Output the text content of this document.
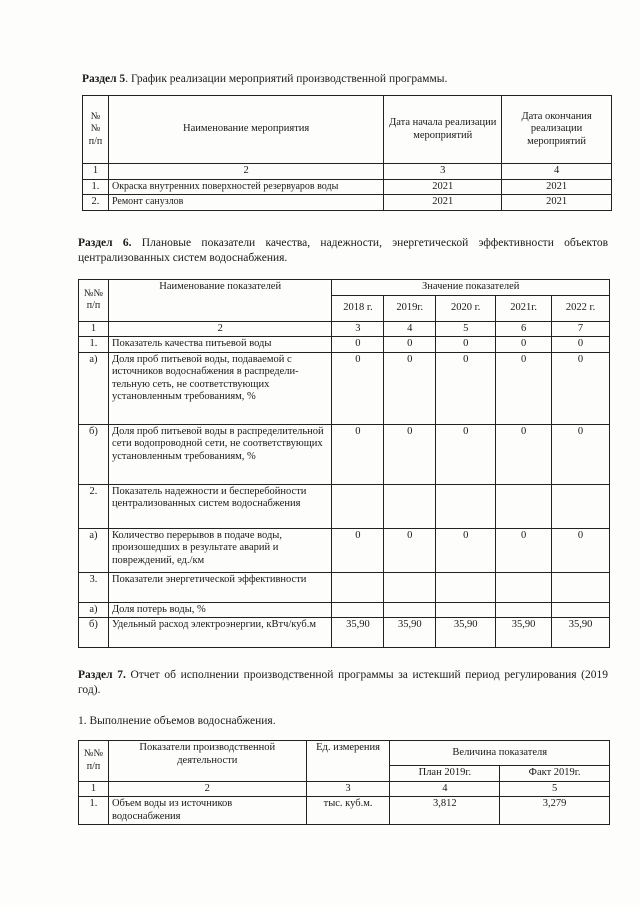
Раздел 5. График реализации мероприятий производственной программы.
№№ п/п	Наименование мероприятия	Дата начала реализации мероприятий	Дата окончания реализации мероприятий
1	2	3	4
1.	Окраска внутренних поверхностей резервуаров воды	2021	2021
2.	Ремонт санузлов	2021	2021
Раздел 6. Плановые показатели качества, надежности, энергетической эффективности объектов централизованных систем водоснабжения.
№№ п/п	Наименование показателей	Значение показателей				
		2018 г.	2019г.	2020 г.	2021г.	2022 г.
1	2	3	4	5	6	7
1.	Показатель качества питьевой воды	0	0	0	0	0
а)	Доля проб питьевой воды, подаваемой с источников водоснабжения в распредели-тельную сеть, не соответствующих установленным требованиям, %	0	0	0	0	0
б)	Доля проб питьевой воды в распределительной сети водопроводной сети, не соответствующих установленным требованиям, %	0	0	0	0	0
2.	Показатель надежности и бесперебойности централизованных систем водоснабжения					
а)	Количество перерывов в подаче воды, произошедших в результате аварий и повреждений, ед./км	0	0	0	0	0
3.	Показатели энергетической эффективности					
а)	Доля потерь воды, %					
б)	Удельный расход электроэнергии, кВтч/куб.м	35,90	35,90	35,90	35,90	35,90
Раздел 7. Отчет об исполнении производственной программы за истекший период регулирования (2019 год).
1. Выполнение объемов водоснабжения.
№№ п/п	Показатели производственной деятельности	Ед. измерения	Величина показателя	
			План 2019г.	Факт 2019г.
1	2	3	4	5
1.	Объем воды из источников водоснабжения	тыс. куб.м.	3,812	3,279
